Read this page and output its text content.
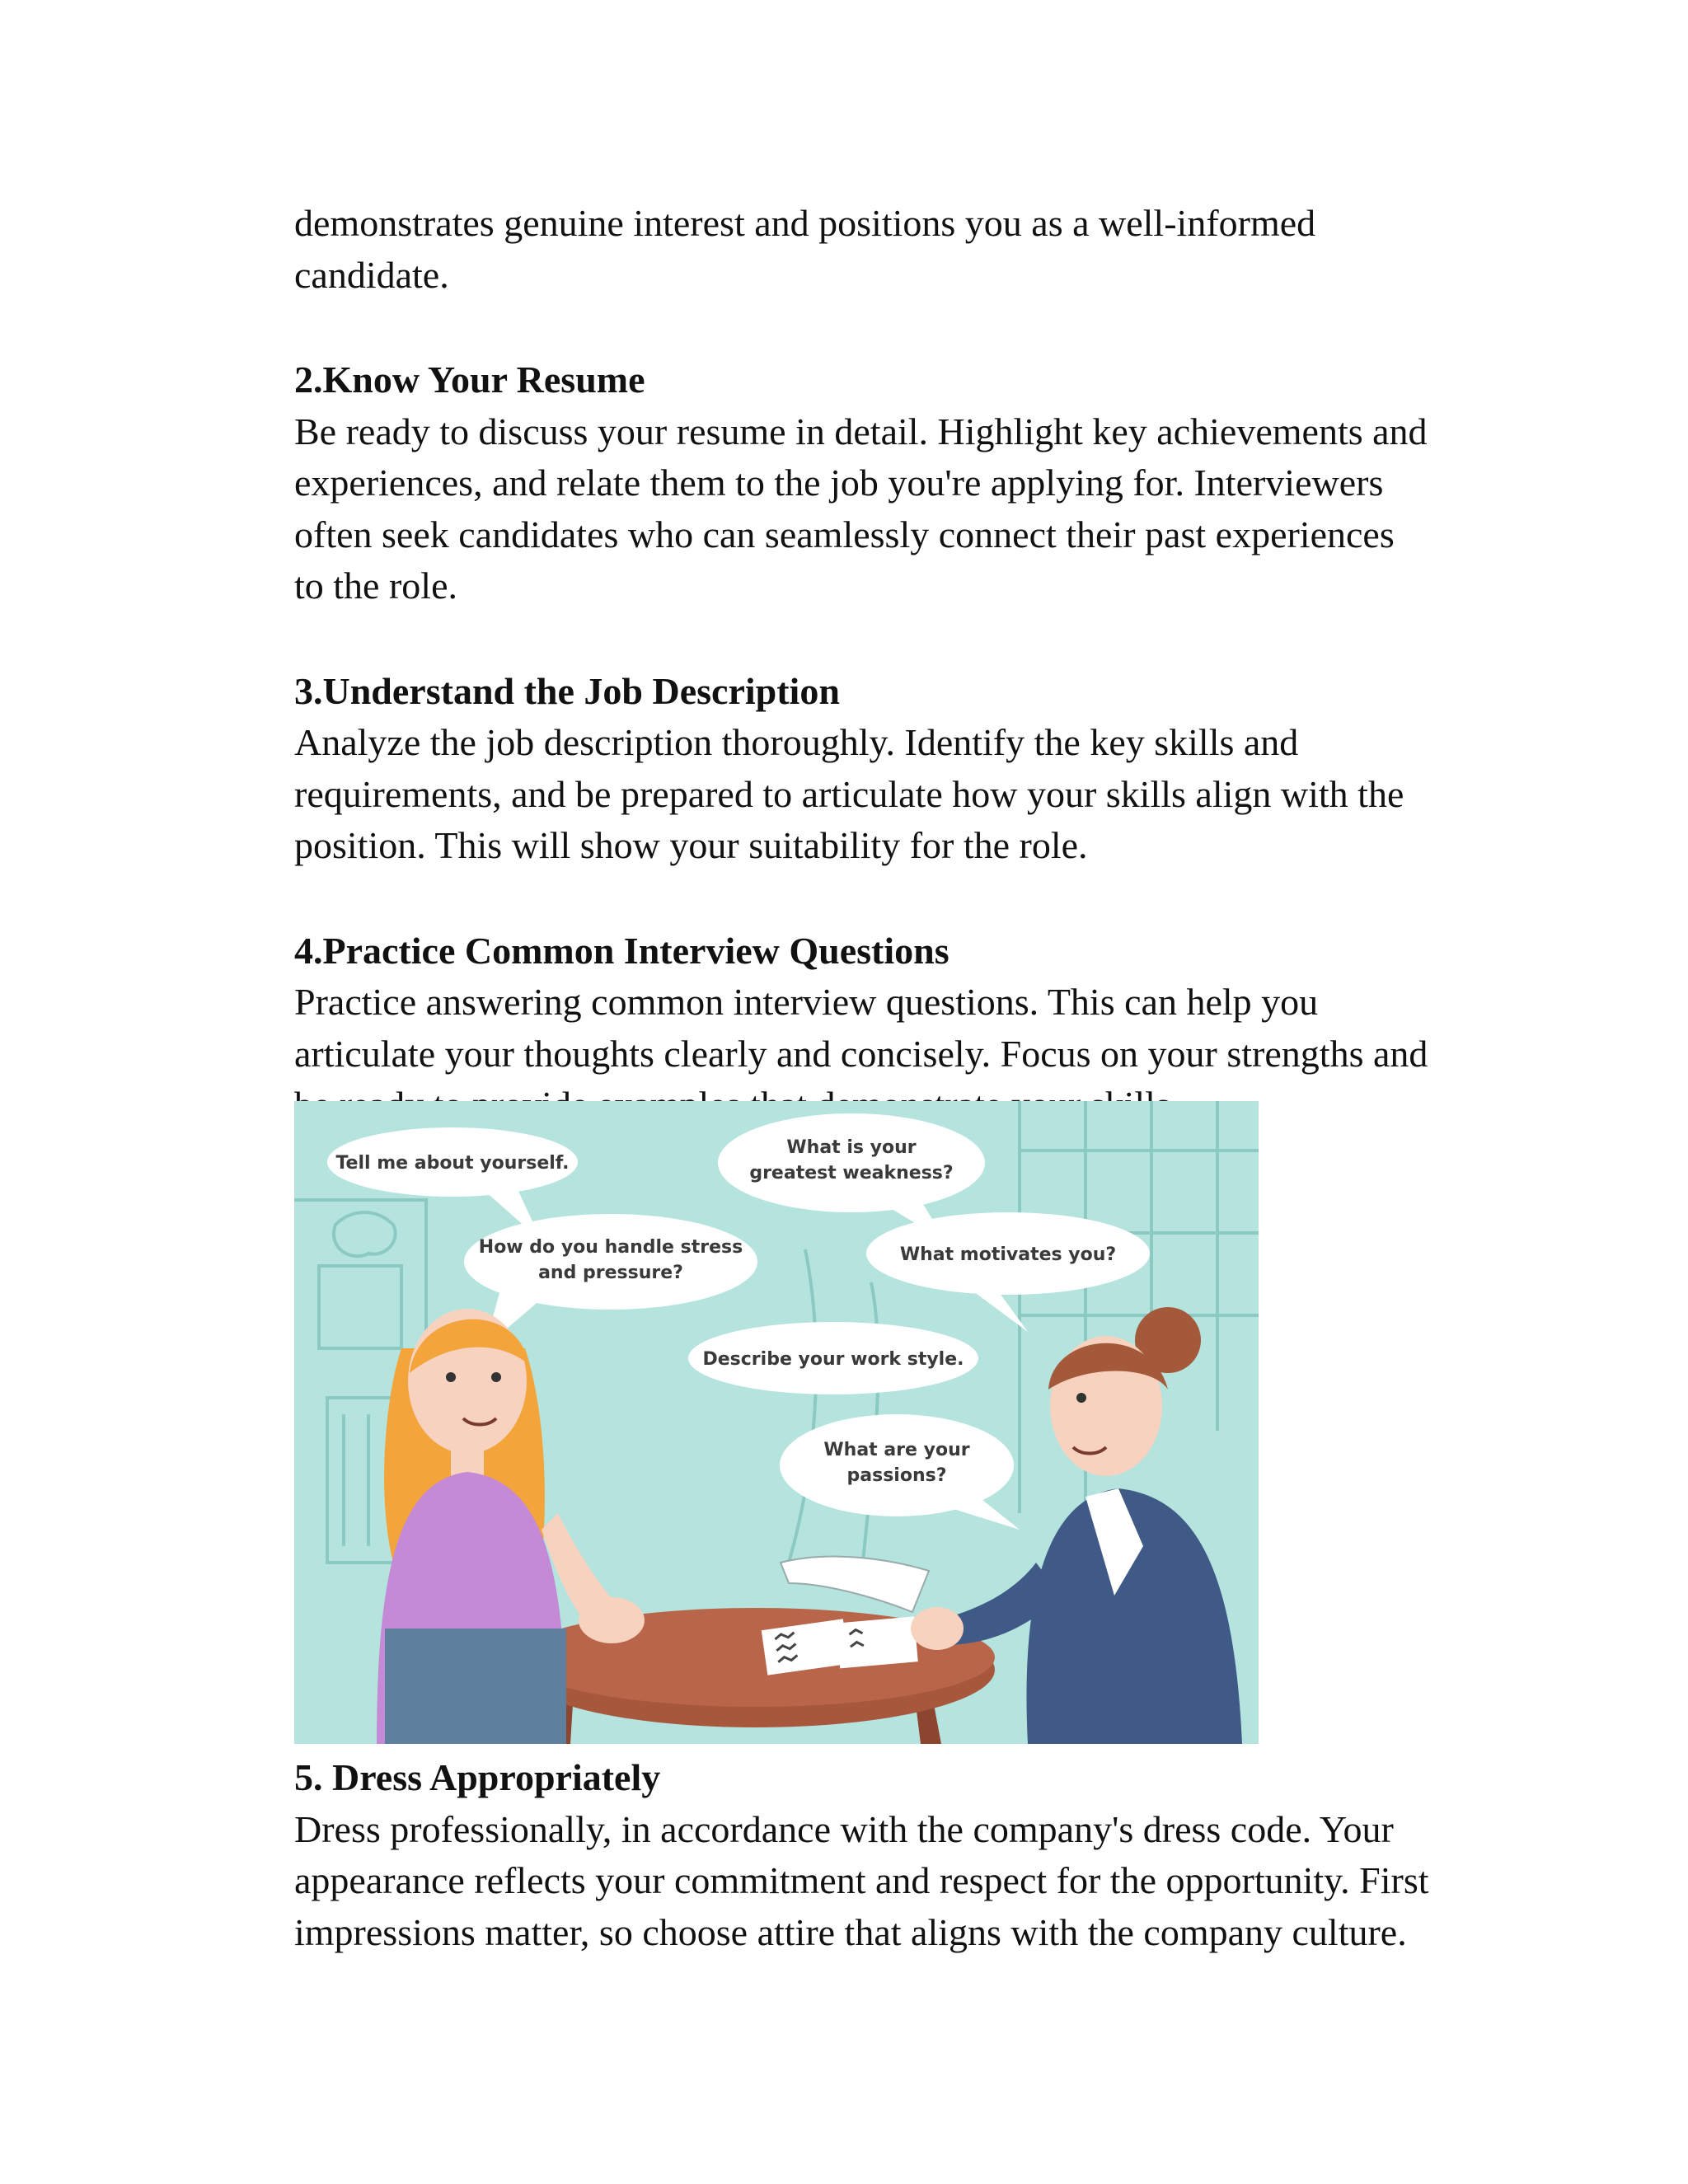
demonstrates genuine interest and positions you as a well-informed
candidate.

2.Know Your Resume

Be ready to discuss your resume in detail. Highlight key achievements and
experiences, and relate them to the job you're applying for. Interviewers
often seek candidates who can seamlessly connect their past experiences
to the role.

3.Understand the Job Description

Analyze the job description thoroughly. Identify the key skills and
requirements, and be prepared to articulate how your skills align with the
position. This will show your suitability for the role.

4.Practice Common Interview Questions

Practice answering common interview questions. This can help you
articulate your thoughts clearly and concisely. Focus on your strengths and

Tell me about yourself.
What is your
greatest weakness?
How do you handle stress
and pressure?
What motivates you?
Describe your work style.
What are your
passions?

5. Dress Appropriately

Dress professionally, in accordance with the company's dress code. Your
appearance reflects your commitment and respect for the opportunity. First
impressions matter, so choose attire that aligns with the company culture.
